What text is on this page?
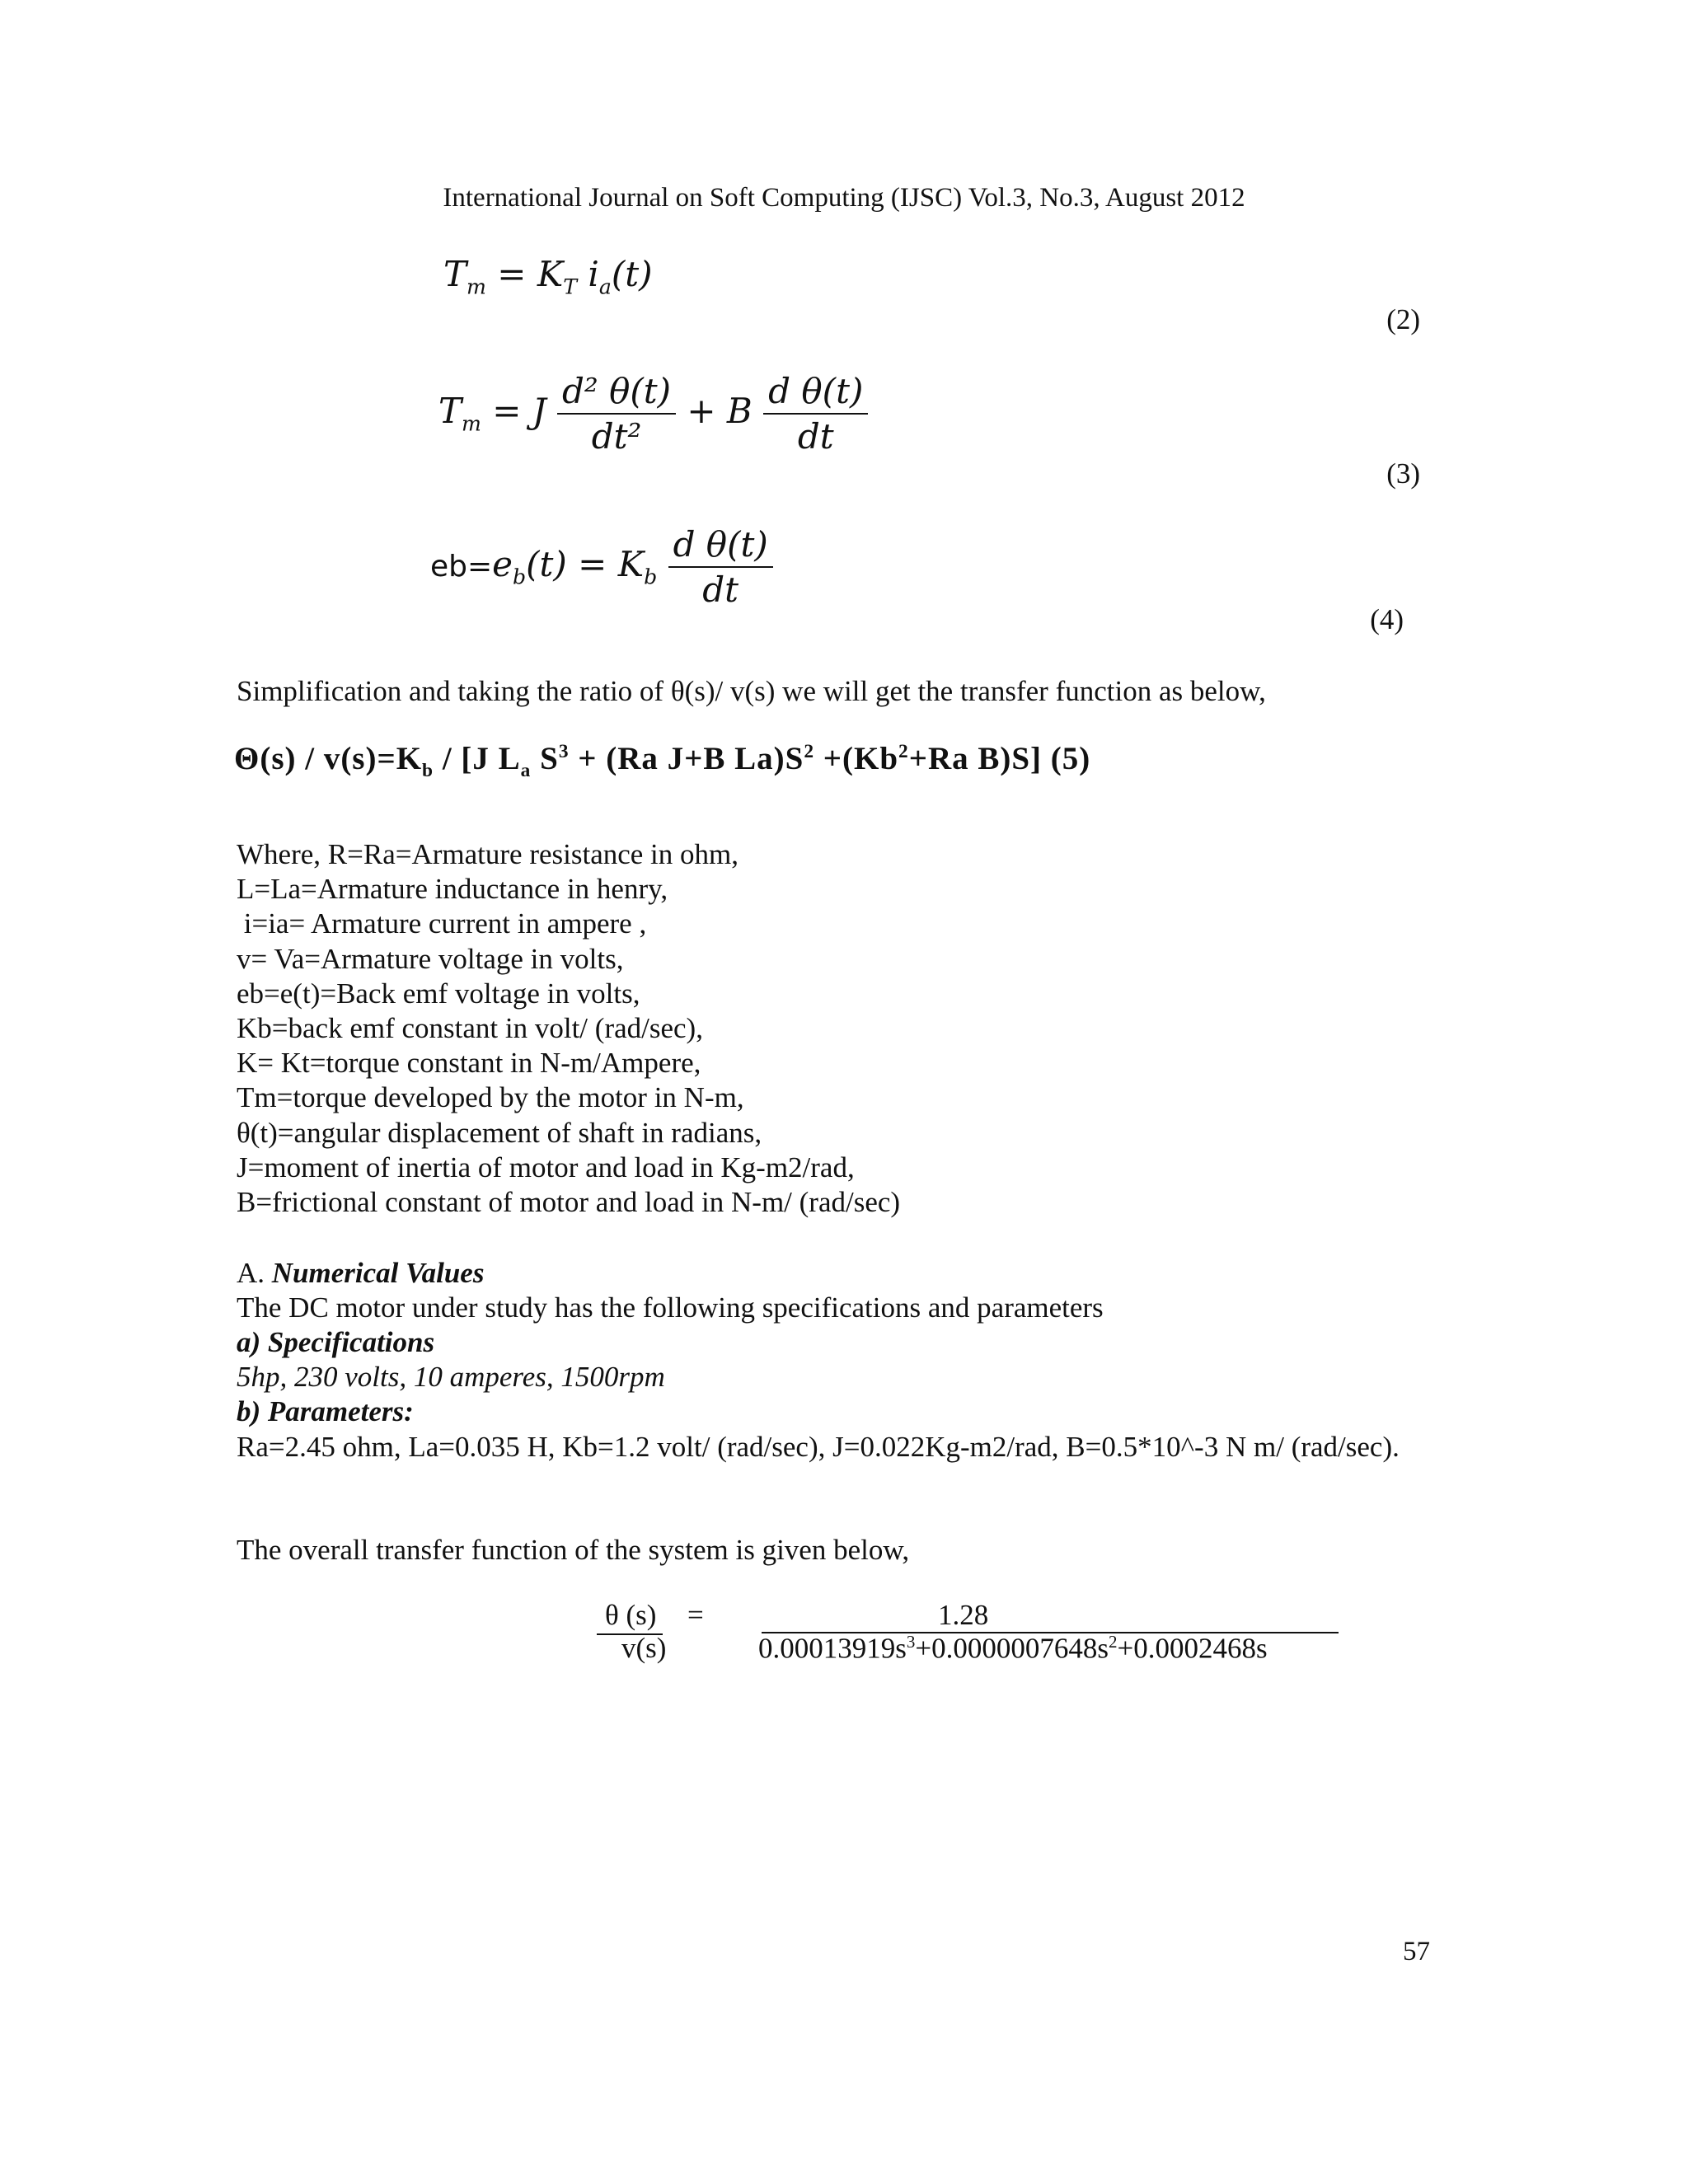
International Journal on Soft Computing (IJSC) Vol.3, No.3, August 2012
$T_m = K_T$ $i_a(t)$
(2)
$T_m = J \frac{\text{d² θ(t)}}{\text{dt²}} + B \frac{\text{d θ(t)}}{dt}$
(3)
$eb=e_b(t) = K_b \frac{\text{d θ(t)}}{dt}$
(4)
Simplification and taking the ratio of θ(s)/ v(s) we will get the transfer function as below,
$\Theta(s) / v(s)=K_b / [J$ $L_a$ $S^3 + (Ra$ J+B $La)S^2 +(Kb^2+Ra$ B)S] (5)
Where, R=Ra=Armature resistance in ohm,
L=La=Armature inductance in henry,
i=ia= Armature current in ampere ,
v= Va=Armature voltage in volts,
eb=e(t)=Back emf voltage in volts,
Kb=back emf constant in volt/ (rad/sec),
K= Kt=torque constant in N-m/Ampere,
Tm=torque developed by the motor in N-m,
θ(t)=angular displacement of shaft in radians,
J=moment of inertia of motor and load in Kg-m2/rad,
B=frictional constant of motor and load in N-m/ (rad/sec)
A. Numerical Values
The DC motor under study has the following specifications and parameters
a) Specifications
5hp, 230 volts, 10 amperes, 1500rpm
b) Parameters:
Ra=2.45 ohm, La=0.035 H, Kb=1.2 volt/ (rad/sec), J=0.022Kg-m2/rad, B=0.5*10^-3 N m/ (rad/sec).
The overall transfer function of the system is given below,
θ (s)
v(s)
=	1.28
$0.00013919s^3+0.0000007648s^2+0.0002468s$
57
